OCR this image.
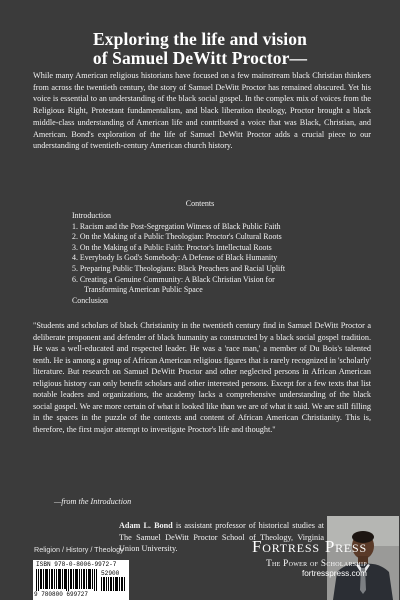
Exploring the life and vision
of Samuel DeWitt Proctor—

While many American religious historians have focused on a few mainstream black Christian thinkers from across the twentieth century, the story of Samuel DeWitt Proctor has remained obscured. Yet his voice is essential to an understanding of the black social gospel. In the complex mix of voices from the Religious Right, Protestant fundamentalism, and black liberation theology, Proctor brought a black middle-class understanding of American life and contributed a voice that was Black, Christian, and American. Bond's exploration of the life of Samuel DeWitt Proctor adds a crucial piece to our understanding of twentieth-century American church history.

Contents
Introduction
1. Racism and the Post-Segregation Witness of Black Public Faith
2. On the Making of a Public Theologian: Proctor's Cultural Roots
3. On the Making of a Public Faith: Proctor's Intellectual Roots
4. Everybody Is God's Somebody: A Defense of Black Humanity
5. Preparing Public Theologians: Black Preachers and Racial Uplift
6. Creating a Genuine Community: A Black Christian Vision for
Transforming American Public Space
Conclusion

"Students and scholars of black Christianity in the twentieth century find in Samuel DeWitt Proctor a deliberate proponent and defender of black humanity as constructed by a black social gospel tradition. He was a well-educated and respected leader. He was a 'race man,' a member of Du Bois's talented tenth. He is among a group of African American religious figures that is rarely recognized in 'scholarly' literature. But research on Samuel DeWitt Proctor and other neglected persons in African American religious history can only benefit scholars and other interested persons. Except for a few texts that list notable leaders and organizations, the academy lacks a comprehensive understanding of the black social gospel. We are more certain of what it looked like than we are of what it said. We are still filling in the spaces in the puzzle of the contexts and content of African American Christianity. This is, therefore, the first major attempt to investigate Proctor's life and thought."

—from the Introduction

Adam L. Bond is assistant professor of historical studies at The Samuel DeWitt Proctor School of Theology, Virginia Union University.

Religion / History / Theology
ISBN 978-0-8006-9972-7
52900
9 780800 699727
Fortress Press
The Power of Scholarship
fortresspress.com
